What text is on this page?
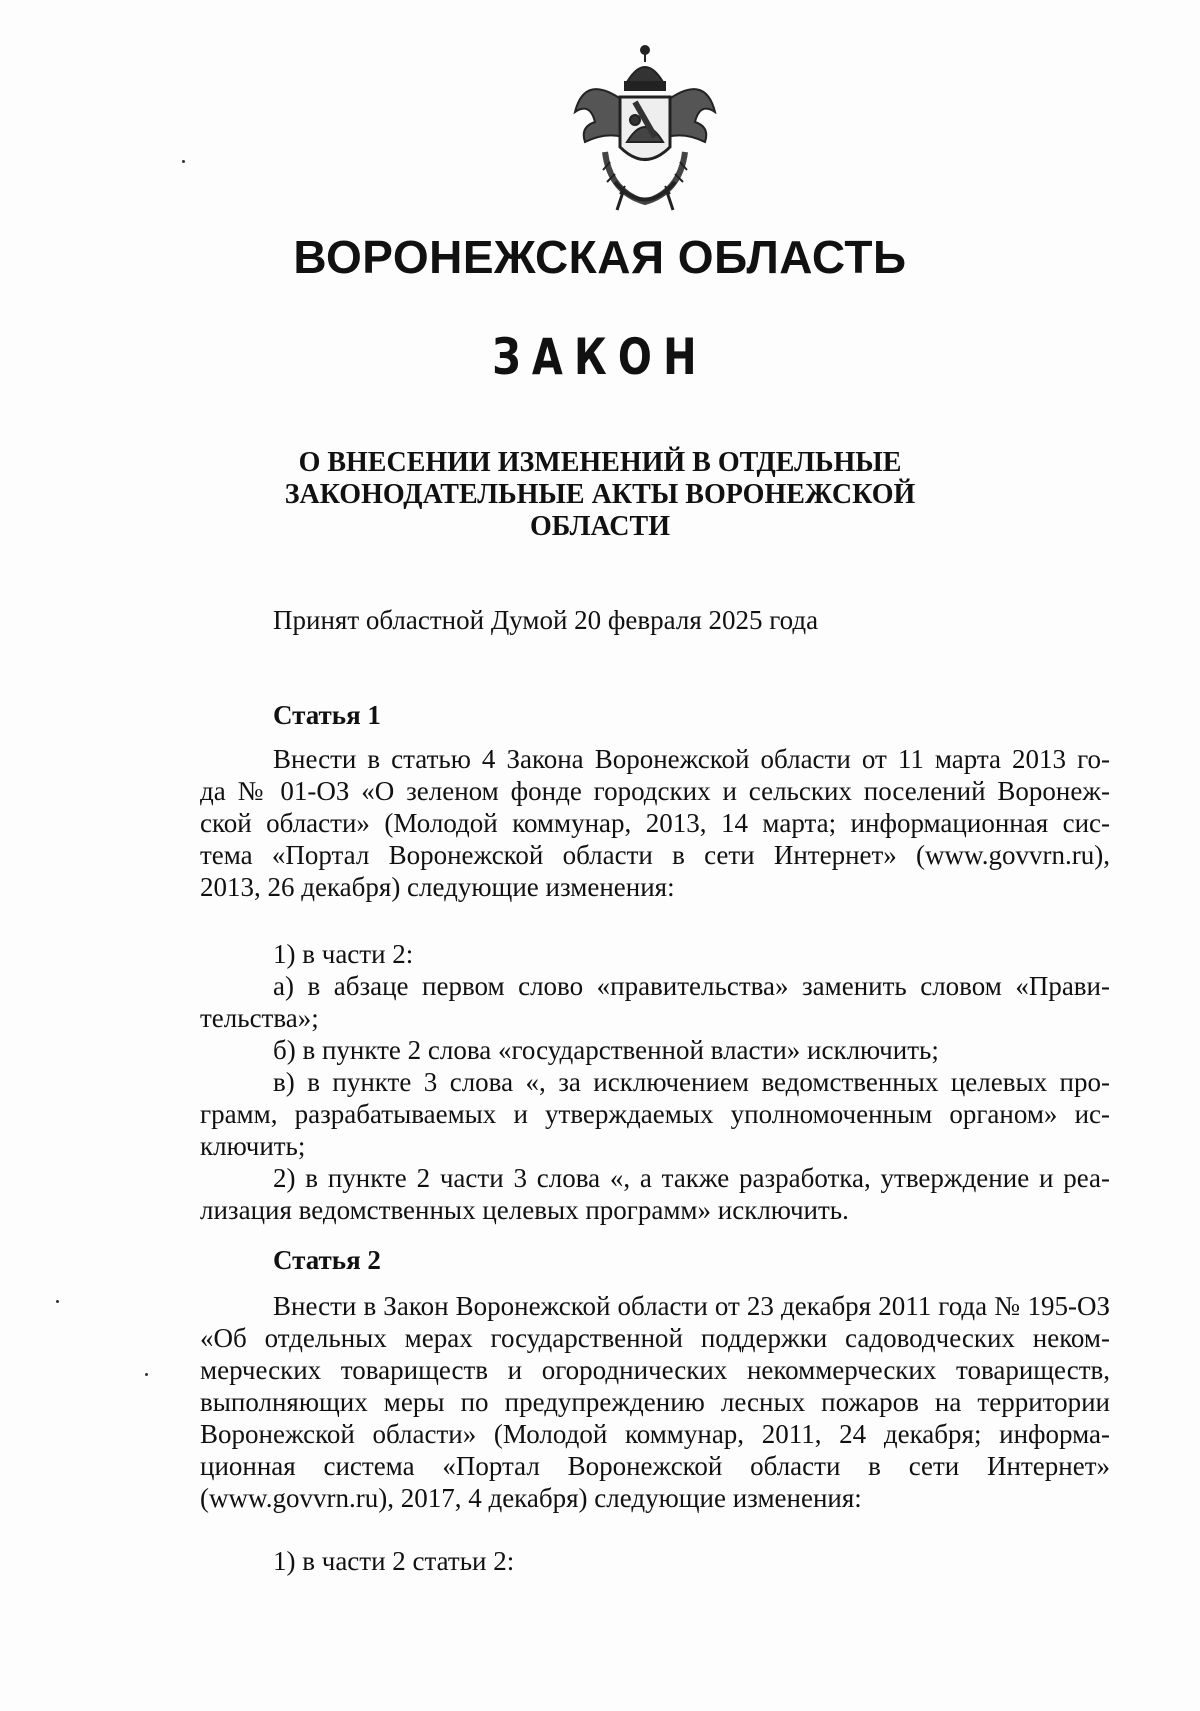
ВОРОНЕЖСКАЯ ОБЛАСТЬ
ЗАКОН
О ВНЕСЕНИИ ИЗМЕНЕНИЙ В ОТДЕЛЬНЫЕ
ЗАКОНОДАТЕЛЬНЫЕ АКТЫ ВОРОНЕЖСКОЙ
ОБЛАСТИ
Принят областной Думой 20 февраля 2025 года
Статья 1
Внести в статью 4 Закона Воронежской области от 11 марта 2013 го-
да № 01-ОЗ «О зеленом фонде городских и сельских поселений Воронеж-
ской области» (Молодой коммунар, 2013, 14 марта; информационная сис-
тема «Портал Воронежской области в сети Интернет» (www.govvrn.ru),
2013, 26 декабря) следующие изменения:
1) в части 2:
а) в абзаце первом слово «правительства» заменить словом «Прави-
тельства»;
б) в пункте 2 слова «государственной власти» исключить;
в) в пункте 3 слова «, за исключением ведомственных целевых про-
грамм, разрабатываемых и утверждаемых уполномоченным органом» ис-
ключить;
2) в пункте 2 части 3 слова «, а также разработка, утверждение и реа-
лизация ведомственных целевых программ» исключить.
Статья 2
Внести в Закон Воронежской области от 23 декабря 2011 года № 195-ОЗ
«Об отдельных мерах государственной поддержки садоводческих неком-
мерческих товариществ и огороднических некоммерческих товариществ,
выполняющих меры по предупреждению лесных пожаров на территории
Воронежской области» (Молодой коммунар, 2011, 24 декабря; информа-
ционная система «Портал Воронежской области в сети Интернет»
(www.govvrn.ru), 2017, 4 декабря) следующие изменения:
1) в части 2 статьи 2:
